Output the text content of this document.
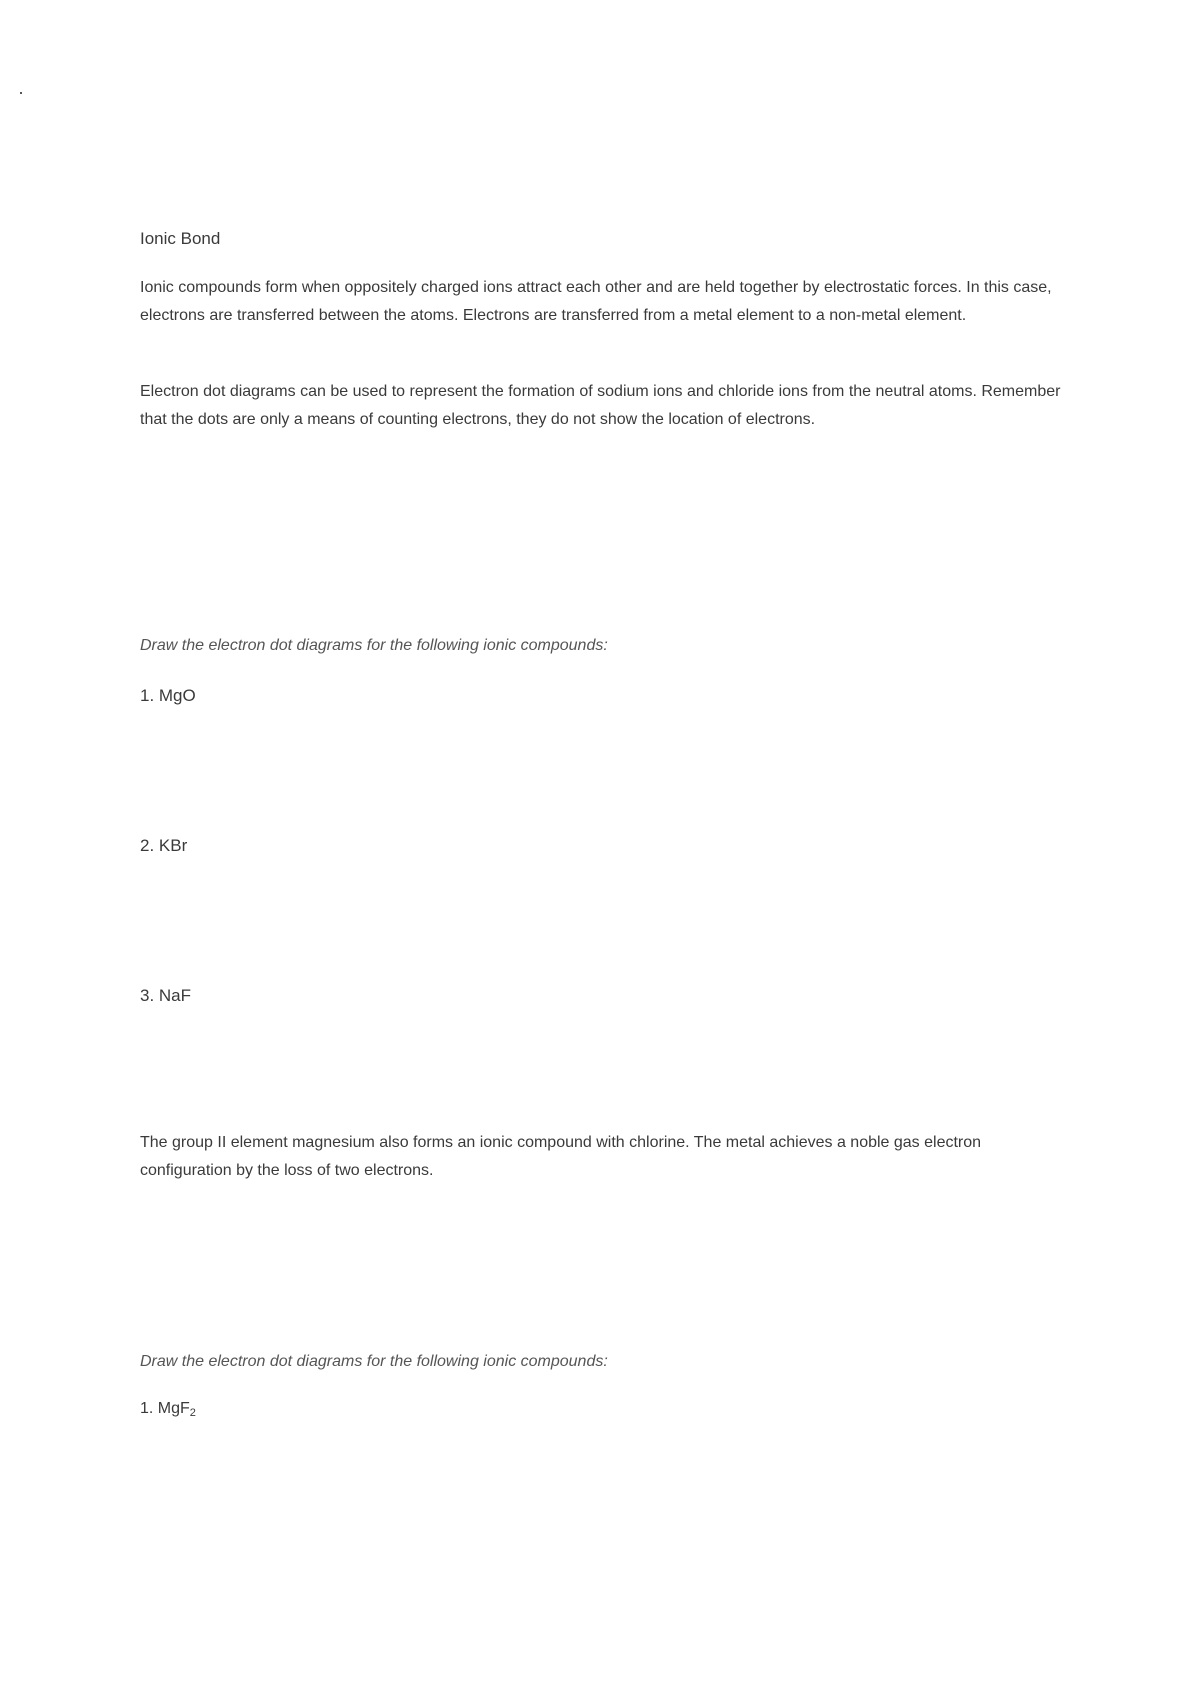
Ionic Bond
Ionic compounds form when oppositely charged ions attract each other and are held together by electrostatic forces. In this case, electrons are transferred between the atoms. Electrons are transferred from a metal element to a non-metal element.
Electron dot diagrams can be used to represent the formation of sodium ions and chloride ions from the neutral atoms. Remember that the dots are only a means of counting electrons, they do not show the location of electrons.
Draw the electron dot diagrams for the following ionic compounds:
1. MgO
2. KBr
3. NaF
The group II element magnesium also forms an ionic compound with chlorine. The metal achieves a noble gas electron configuration by the loss of two electrons.
Draw the electron dot diagrams for the following ionic compounds:
1. MgF$_2$
